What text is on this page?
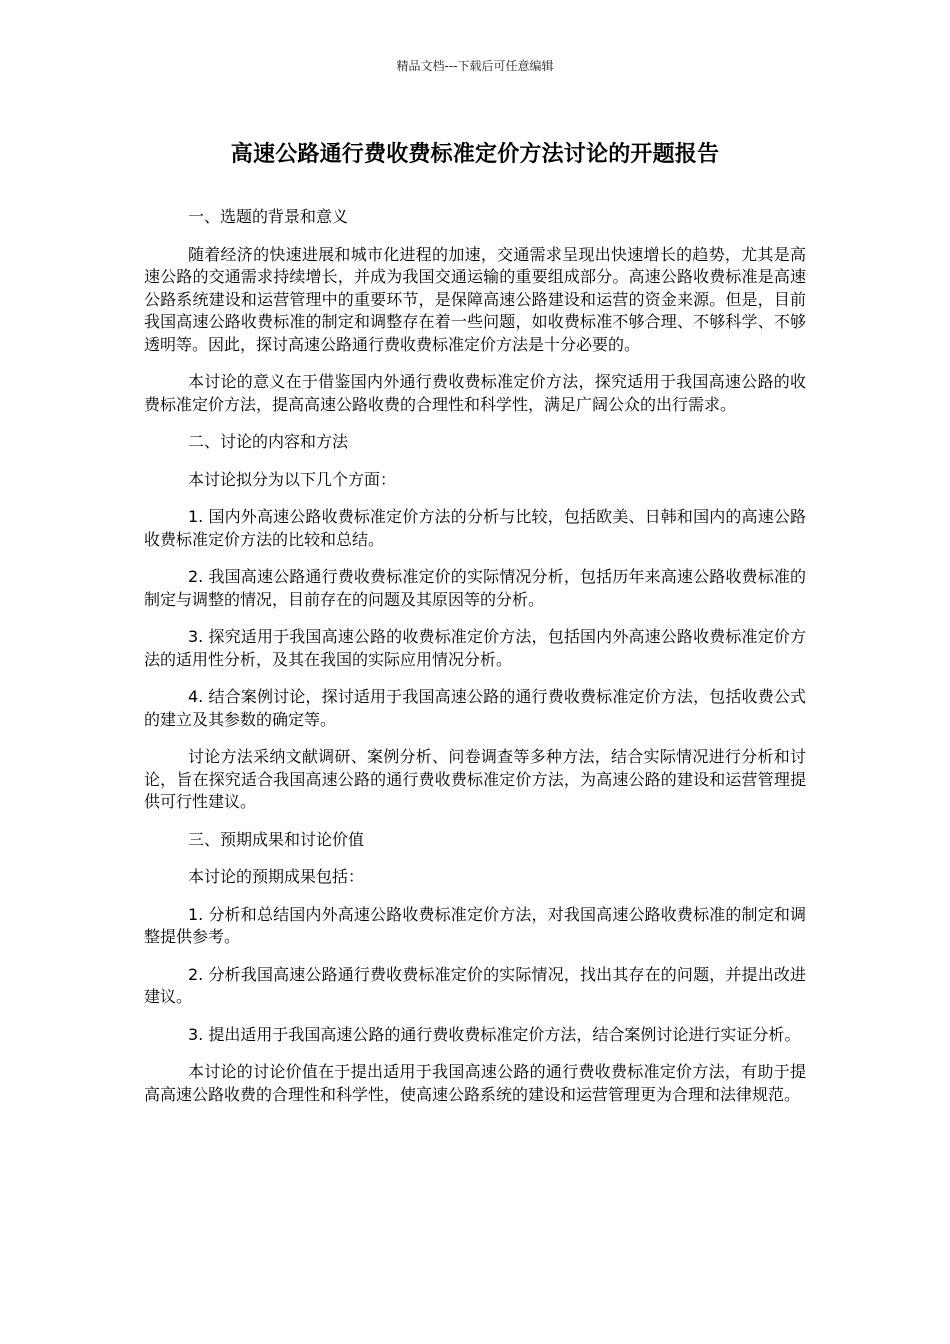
精品文档---下载后可任意编辑
高速公路通行费收费标准定价方法讨论的开题报告

一、选题的背景和意义

随着经济的快速进展和城市化进程的加速，交通需求呈现出快速增长的趋势，尤其是高速公路的交通需求持续增长，并成为我国交通运输的重要组成部分。高速公路收费标准是高速公路系统建设和运营管理中的重要环节，是保障高速公路建设和运营的资金来源。但是，目前我国高速公路收费标准的制定和调整存在着一些问题，如收费标准不够合理、不够科学、不够透明等。因此，探讨高速公路通行费收费标准定价方法是十分必要的。

本讨论的意义在于借鉴国内外通行费收费标准定价方法，探究适用于我国高速公路的收费标准定价方法，提高高速公路收费的合理性和科学性，满足广阔公众的出行需求。

二、讨论的内容和方法

本讨论拟分为以下几个方面：

1. 国内外高速公路收费标准定价方法的分析与比较，包括欧美、日韩和国内的高速公路收费标准定价方法的比较和总结。

2. 我国高速公路通行费收费标准定价的实际情况分析，包括历年来高速公路收费标准的制定与调整的情况，目前存在的问题及其原因等的分析。

3. 探究适用于我国高速公路的收费标准定价方法，包括国内外高速公路收费标准定价方法的适用性分析，及其在我国的实际应用情况分析。

4. 结合案例讨论，探讨适用于我国高速公路的通行费收费标准定价方法，包括收费公式的建立及其参数的确定等。

讨论方法采纳文献调研、案例分析、问卷调查等多种方法，结合实际情况进行分析和讨论，旨在探究适合我国高速公路的通行费收费标准定价方法，为高速公路的建设和运营管理提供可行性建议。

三、预期成果和讨论价值

本讨论的预期成果包括：

1. 分析和总结国内外高速公路收费标准定价方法，对我国高速公路收费标准的制定和调整提供参考。

2. 分析我国高速公路通行费收费标准定价的实际情况，找出其存在的问题，并提出改进建议。

3. 提出适用于我国高速公路的通行费收费标准定价方法，结合案例讨论进行实证分析。

本讨论的讨论价值在于提出适用于我国高速公路的通行费收费标准定价方法，有助于提高高速公路收费的合理性和科学性，使高速公路系统的建设和运营管理更为合理和法律规范。
